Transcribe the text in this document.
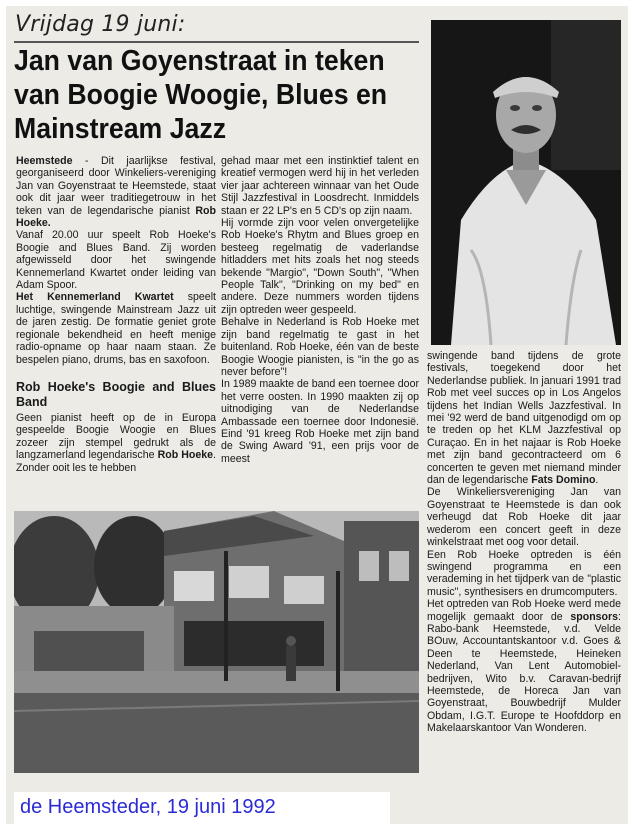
Vrijdag 19 juni:
Jan van Goyenstraat in teken van Boogie Woogie, Blues en Mainstream Jazz

Heemstede - Dit jaarlijkse festival, georganiseerd door Winkeliers-vereniging Jan van Goyenstraat te Heemstede, staat ook dit jaar weer traditiegetrouw in het teken van de legendarische pianist Rob Hoeke.

Vanaf 20.00 uur speelt Rob Hoeke's Boogie and Blues Band. Zij worden afgewisseld door het swingende Kennemerland Kwartet onder leiding van Adam Spoor.

Het Kennemerland Kwartet speelt luchtige, swingende Mainstream Jazz uit de jaren zestig. De formatie geniet grote regionale bekendheid en heeft menige radio-opname op haar naam staan. Ze bespelen piano, drums, bas en saxofoon.

Rob Hoeke's Boogie and Blues Band

Geen pianist heeft op de in Europa gespeelde Boogie Woogie en Blues zozeer zijn stempel gedrukt als de langzamerland legendarische Rob Hoeke. Zonder ooit les te hebben

gehad maar met een instinktief talent en kreatief vermogen werd hij in het verleden vier jaar achtereen winnaar van het Oude Stijl Jazzfestival in Loosdrecht. Inmiddels staan er 22 LP's en 5 CD's op zijn naam.

Hij vormde zijn voor velen onvergetelijke Rob Hoeke's Rhytm and Blues groep en besteeg regelmatig de vaderlandse hitladders met hits zoals het nog steeds bekende "Margio", "Down South", "When People Talk", "Drinking on my bed" en andere. Deze nummers worden tijdens zijn optreden weer gespeeld.

Behalve in Nederland is Rob Hoeke met zijn band regelmatig te gast in het buitenland. Rob Hoeke, één van de beste Boogie Woogie pianisten, is "in the go as never before"!

In 1989 maakte de band een toernee door het verre oosten. In 1990 maakten zij op uitnodiging van de Nederlandse Ambassade een toernee door Indonesië. Eind '91 kreeg Rob Hoeke met zijn band de Swing Award '91, een prijs voor de meest

swingende band tijdens de grote festivals, toegekend door het Nederlandse publiek. In januari 1991 trad Rob met veel succes op in Los Angelos tijdens het Indian Wells Jazzfestival. In mei '92 werd de band uitgenodigd om op te treden op het KLM Jazzfestival op Curaçao. En in het najaar is Rob Hoeke met zijn band gecontracteerd om 6 concerten te geven met niemand minder dan de legendarische Fats Domino.

De Winkeliersvereniging Jan van Goyenstraat te Heemstede is dan ook verheugd dat Rob Hoeke dit jaar wederom een concert geeft in deze winkelstraat met oog voor detail.

Een Rob Hoeke optreden is één swingend programma en een verademing in het tijdperk van de "plastic music", synthesisers en drumcomputers.

Het optreden van Rob Hoeke werd mede mogelijk gemaakt door de sponsors: Rabo-bank Heemstede, v.d. Velde BOuw, Accountantskantoor v.d. Goes & Deen te Heemstede, Heineken Nederland, Van Lent Automobiel-bedrijven, Wito b.v. Caravan-bedrijf Heemstede, de Horeca Jan van Goyenstraat, Bouwbedrijf Mulder Obdam, I.G.T. Europe te Hoofddorp en Makelaarskantoor Van Wonderen.

de Heemsteder, 19 juni 1992
